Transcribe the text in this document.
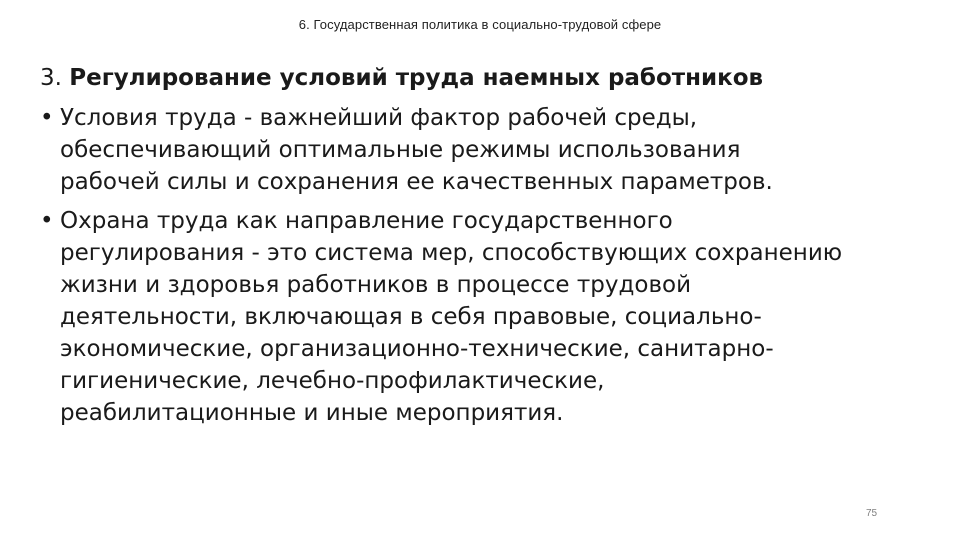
6. Государственная политика в социально-трудовой сфере
3. Регулирование условий труда наемных работников
• Условия труда - важнейший фактор рабочей среды,
обеспечивающий оптимальные режимы использования
рабочей силы и сохранения ее качественных параметров.
• Охрана труда как направление государственного
регулирования - это система мер, способствующих сохранению
жизни и здоровья работников в процессе трудовой
деятельности, включающая в себя правовые, социально-
экономические, организационно-технические, санитарно-
гигиенические, лечебно-профилактические,
реабилитационные и иные мероприятия.
75
